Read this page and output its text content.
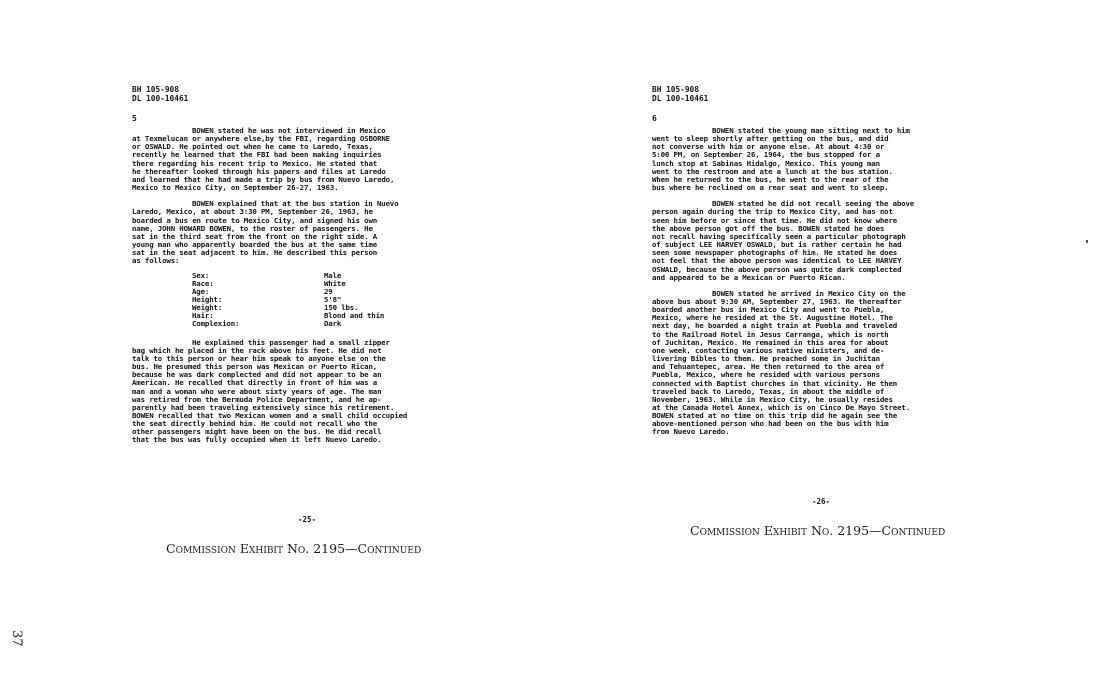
BH 105-908
DL 100-10461
5

BOWEN stated he was not interviewed in Mexico
at Texmelucan or anywhere else,by the FBI, regarding OSBORNE
or OSWALD. He pointed out when he came to Laredo, Texas,
recently he learned that the FBI had been making inquiries
there regarding his recent trip to Mexico. He stated that
he thereafter looked through his papers and files at Laredo
and learned that he had made a trip by bus from Nuevo Laredo,
Mexico to Mexico City, on September 26-27, 1963.

BOWEN explained that at the bus station in Nuevo
Laredo, Mexico, at about 3:30 PM, September 26, 1963, he
boarded a bus en route to Mexico City, and signed his own
name, JOHN HOWARD BOWEN, to the roster of passengers. He
sat in the third seat from the front on the right side. A
young man who apparently boarded the bus at the same time
sat in the seat adjacent to him. He described this person
as follows:

Sex:	Male
Race:	White
Age:	29
Height:	5'8"
Weight:	150 lbs.
Hair:	Blond and thin
Complexion:	Dark

He explained this passenger had a small zipper
bag which he placed in the rack above his feet. He did not
talk to this person or hear him speak to anyone else on the
bus. He presumed this person was Mexican or Puerto Rican,
because he was dark complected and did not appear to be an
American. He recalled that directly in front of him was a
man and a woman who were about sixty years of age. The man
was retired from the Bermuda Police Department, and he ap-
parently had been traveling extensively since his retirement.
BOWEN recalled that two Mexican women and a small child occupied
the seat directly behind him. He could not recall who the
other passengers might have been on the bus. He did recall
that the bus was fully occupied when it left Nuevo Laredo.

-25-
Commission Exhibit No. 2195—Continued
BH 105-908
DL 100-10461
6

BOWEN stated the young man sitting next to him
went to sleep shortly after getting on the bus, and did
not converse with him or anyone else. At about 4:30 or
5:00 PM, on September 26, 1964, the bus stopped for a
lunch stop at Sabinas Hidalgo, Mexico. This young man
went to the restroom and ate a lunch at the bus station.
When he returned to the bus, he went to the rear of the
bus where he reclined on a rear seat and went to sleep.

BOWEN stated he did not recall seeing the above
person again during the trip to Mexico City, and has not
seen him before or since that time. He did not know where
the above person got off the bus. BOWEN stated he does
not recall having specifically seen a particular photograph
of subject LEE HARVEY OSWALD, but is rather certain he had
seen some newspaper photographs of him. He stated he does
not feel that the above person was identical to LEE HARVEY
OSWALD, because the above person was quite dark complected
and appeared to be a Mexican or Puerto Rican.

BOWEN stated he arrived in Mexico City on the
above bus about 9:30 AM, September 27, 1963. He thereafter
boarded another bus in Mexico City and went to Puebla,
Mexico, where he resided at the St. Augustine Hotel. The
next day, he boarded a night train at Puebla and traveled
to the Railroad Hotel in Jesus Carranga, which is north
of Juchitan, Mexico. He remained in this area for about
one week, contacting various native ministers, and de-
livering Bibles to them. He preached some in Juchitan
and Tehuantepec, area. He then returned to the area of
Puebla, Mexico, where he resided with various persons
connected with Baptist churches in that vicinity. He then
traveled back to Laredo, Texas, in about the middle of
November, 1963. While in Mexico City, he usually resides
at the Canada Hotel Annex, which is on Cinco De Mayo Street.
BOWEN stated at no time on this trip did he again see the
above-mentioned person who had been on the bus with him
from Nuevo Laredo.

-26-
Commission Exhibit No. 2195—Continued
37
